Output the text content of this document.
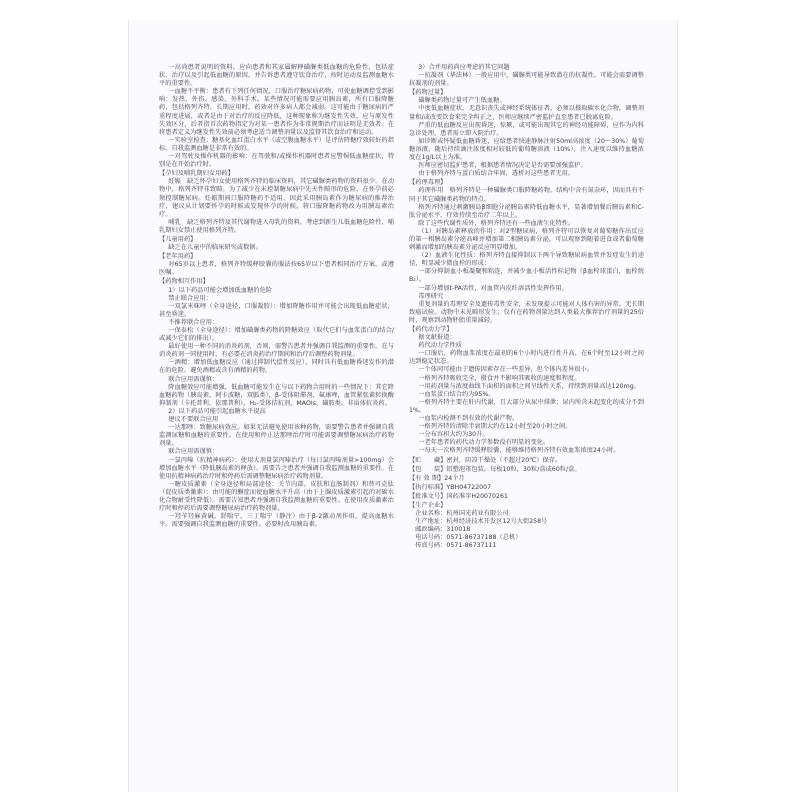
一高尚患者说明的资料，应向患者和其家属解释磺脲类低血糖的危险性，包括症状、治疗以及引起低血糖的原因，并告诉患者遵守饮食治疗，按时运动及监测血糖水平的重要性。

一血糖不平衡：患者有下列任何情况，口服治疗糖尿病药物，可使血糖调控受到影响：发热、外伤、感染、外科手术。某些情况可能需要应用胰岛素，所有口服降糖药，包括格列齐特，长期应用时，药效对许多病人都会减弱。这可能由于糖尿病的严重程度进展，或者是由于对治疗的反应降低，这种现象称为继发性失效，应与原发性失效区分，后者指首次药物指定为对某一患者作为非常规期治疗而证明是无效者。在将患者定义为继发性失效前必须考虑适当调整剂量以及监督其饮食治疗和运动。

一实验室检查：糖基化血红蛋白水平（或空腹血糖水平）是评估降糖疗效较好的指标。自我监测血糖是非常有效的。

一对驾驶及操作机器的影响：在驾驶和/或操作机器时患者应警惕低血糖症状，特别是在开始治疗时。

【孕妇及哺乳期妇女用药】

妊娠　缺乏怀孕妇女使用格列齐特的临床资料，其它磺脲类药物的资料很少。在动物中，格列齐特非致畸。为了减少在未控制糖尿病中先天性畸形的危险，在怀孕前必须控制糖尿病。妊娠期间口服降糖药不适用，因此采用胰岛素作为糖尿病的推荐治疗，建议从计划要怀孕的时候或发现怀孕的时候，将口服降糖药物改为用胰岛素治疗。

哺乳　缺乏格列齐特及其代谢物进入母乳的资料，考虑到新生儿低血糖危险性，哺乳期妇女禁止使用格列齐特。

【儿童用药】

缺乏在儿童中的临床研究或数据。

【老年用药】

对65岁以上患者，格列齐特缓释胶囊的服法按65岁以下患者相同治疗方案，或遵医嘱。

【药物相互作用】

1）以下药品可能会增加低血糖的危险

禁止联合应用：

一双氯米咪唑（全身途径，口服凝胶）：增加降糖作用并可能会出现低血糖症状，甚至昏迷。

不推荐联合应用：

一保泰松（全身途径）：增加磺脲类药物的降糖效应（取代它们与血浆蛋白的结合/或减少它们的排出）。

最好使用一种不同的消炎药剂，否则，需警告患者并强调自我监测的重要性。在与消炎药剂一同使用时，有必要在消炎药治疗期间和治疗后调整药物剂量。

一酒精：增加低血糖反应（通过抑制代偿性反应），同时具有低血糖昏迷发作的潜在的危险。避免酒精或含有酒精的药物。

联合应用需谨慎：

降血糖效应可能增强，低血糖可能发生在与以下药物合用时的一些情况下：其它降血糖药物（胰岛素，阿卡波糖，双胍类），β-受体阻滞剂，氟康唑，血管紧张素转换酶抑制剂（卡托普利，依那普利），H₂-受体拮抗剂，MAOIs，磺胺类，非甾体抗炎药。

2）以下药品可能引起血糖水平提高

建议不要联合应用

一达那唑：致糖尿病效应。如果无法避免使用该种药物，需要警告患者并强调自我监测尿糖和血糖的重要性。在使用和停止达那唑治疗时可能需要调整糖尿病治疗药物剂量。

联合应用需谨慎：

一氯丙嗪（抗精神病药）：使用大剂量氯丙嗪治疗（每日氯丙嗪剂量>100mg）会增加血糖水平（降低胰岛素的释放）。需要告之患者并强调自我监测血糖的重要性。在使用抗精神病药治疗时和停药后需调整糖尿病治疗药物剂量。

一糖皮质激素（全身途径和局部途径：关节内部，皮肤和直肠制剂）和替可克肽（促皮质类激素）：由可能的酮症而使血糖水平升高（由于上腺皮质激素引起的对碳水化合物耐受性降低）。需要告知患者并强调自我监测血糖的重要性。在使用皮质激素治疗时和停药后需要调整糖尿病治疗药物剂量。

一羟苄羟麻黄碱，舒喘宁，三丁喘宁（静注）由于β-2激动剂作用，提高血糖水平。需要强调自我监测血糖的重要性。必要时改用胰岛素。

3）合并用药尚应考虑的其它问题

一抗凝剂（华法林）一般应用中，磺脲类可能导致潜在的抗凝性，可能会需要调整抗凝剂的剂量。

【药物过量】

磺脲类药物过量可产生低血糖。

中度低血糖症状，无意识丧失或神经系统体征者，必须以摄取碳水化合物，调整剂量和/或改变饮食来完全纠正之，医师应继续严密监护直至患者已脱离危险。

严重的低血糖反应出现昏迷，惊厥，或可能出现其它的神经功能障碍，应作为内科急诊处理，患者需立即入院治疗。

如诊断或怀疑低血糖昏迷，应给患者快速静脉注射50ml高浓度（20～30%）葡萄糖溶液，随后持续滴注浓度相对较低的葡萄糖溶液（10%），注入速度以维持血糖浓度在1g/L以上为准。

医师应密切监护患者，根据患者情况决定是否需要加强监护。

由于格列齐特与蛋白质结合牢固，透析对这些患者无用。

【药理毒理】

药理作用　格列齐特是一种磺脲类口服降糖药物，结构中含有氮杂环，因而具有不同于其它磺脲类药物的特点。

格列齐特通过刺激胰岛β细胞分泌胰岛素降低血糖水平，显著增加餐后胰岛素和C-肽分泌水平，疗效持续至治疗二年以上。

除了这些代谢性质外，格列齐特还有一些血液生化特性。

（1）对胰岛素释放的作用：对2型糖尿病，格列齐特可以恢复对葡萄糖作出反应的第一相胰岛素分泌高峰并增加第二相胰岛素分泌。可以观察到随着进食或者葡萄糖刺激而增加的胰岛素分泌反应明显增加。

（2）血液生化性质：格列齐特直接抑制以下两个导致糖尿病血管并发症发生的途径，明显减少微血栓的形成：

一部分抑制血小板凝聚和粘连，并减少血小板活性标记物（β血栓球蛋白，血栓烷B₂）。

一部分增加t-PA活性，对血管内皮纤溶活性发挥作用。

毒理研究

重复剂量的毒理安全及遗传毒性安全，未发现提示可能对人体有害的异常。无长期致癌试验。动物中未见畸形发生；仅有在药物剂量达到人类最大推荐治疗剂量的25倍时，观察到动物胚胎重量减轻。

【药代动力学】

据文献报道：

药代动力学性质

一口服后，药物血浆浓度在最初的6个小时内进行性升高，在6个时至12小时之间达到稳定状态。

一个体间可能由于遗传因素存在一些差异，但个体内差异很小。

一格列齐特吸收完全，摄食并不影响其吸收的速度和程度。

一用药剂量与浓度曲线下面积的面积之间呈线性关系，持续到剂量高达120mg。

一血浆蛋白结合约为95%。

一格列齐特主要在肝内代谢，且大部分从尿中排泄；尿内所含未起变化的成分不到1%。

一血浆内检测不到有效的代谢产物。

一格列齐特的清除半衰期大约在12小时至20小时之间。

一分布容积大约为30升。

一老年患者的药代动力学参数没有明显的变化。

一每天一次格列齐特缓释胶囊，能够维持格列齐特有效血浆浓度24小时。

【贮　　藏】密封，阴凉干燥处（不超过20℃）保存。

【包　　装】铝塑泡罩包装，每板10粒，30粒/盒或60粒/盒。

【有 效 期】24个月

【执行标准】YBH04722007

【批准文号】国药准字H20070261

【生产企业】

企业名称：杭州国光药业有限公司

生产地址：杭州经济技术开发区12号大街258号

邮政编码：310018

电话号码：0571-86737188（总机）

传真号码：0571-86737111
